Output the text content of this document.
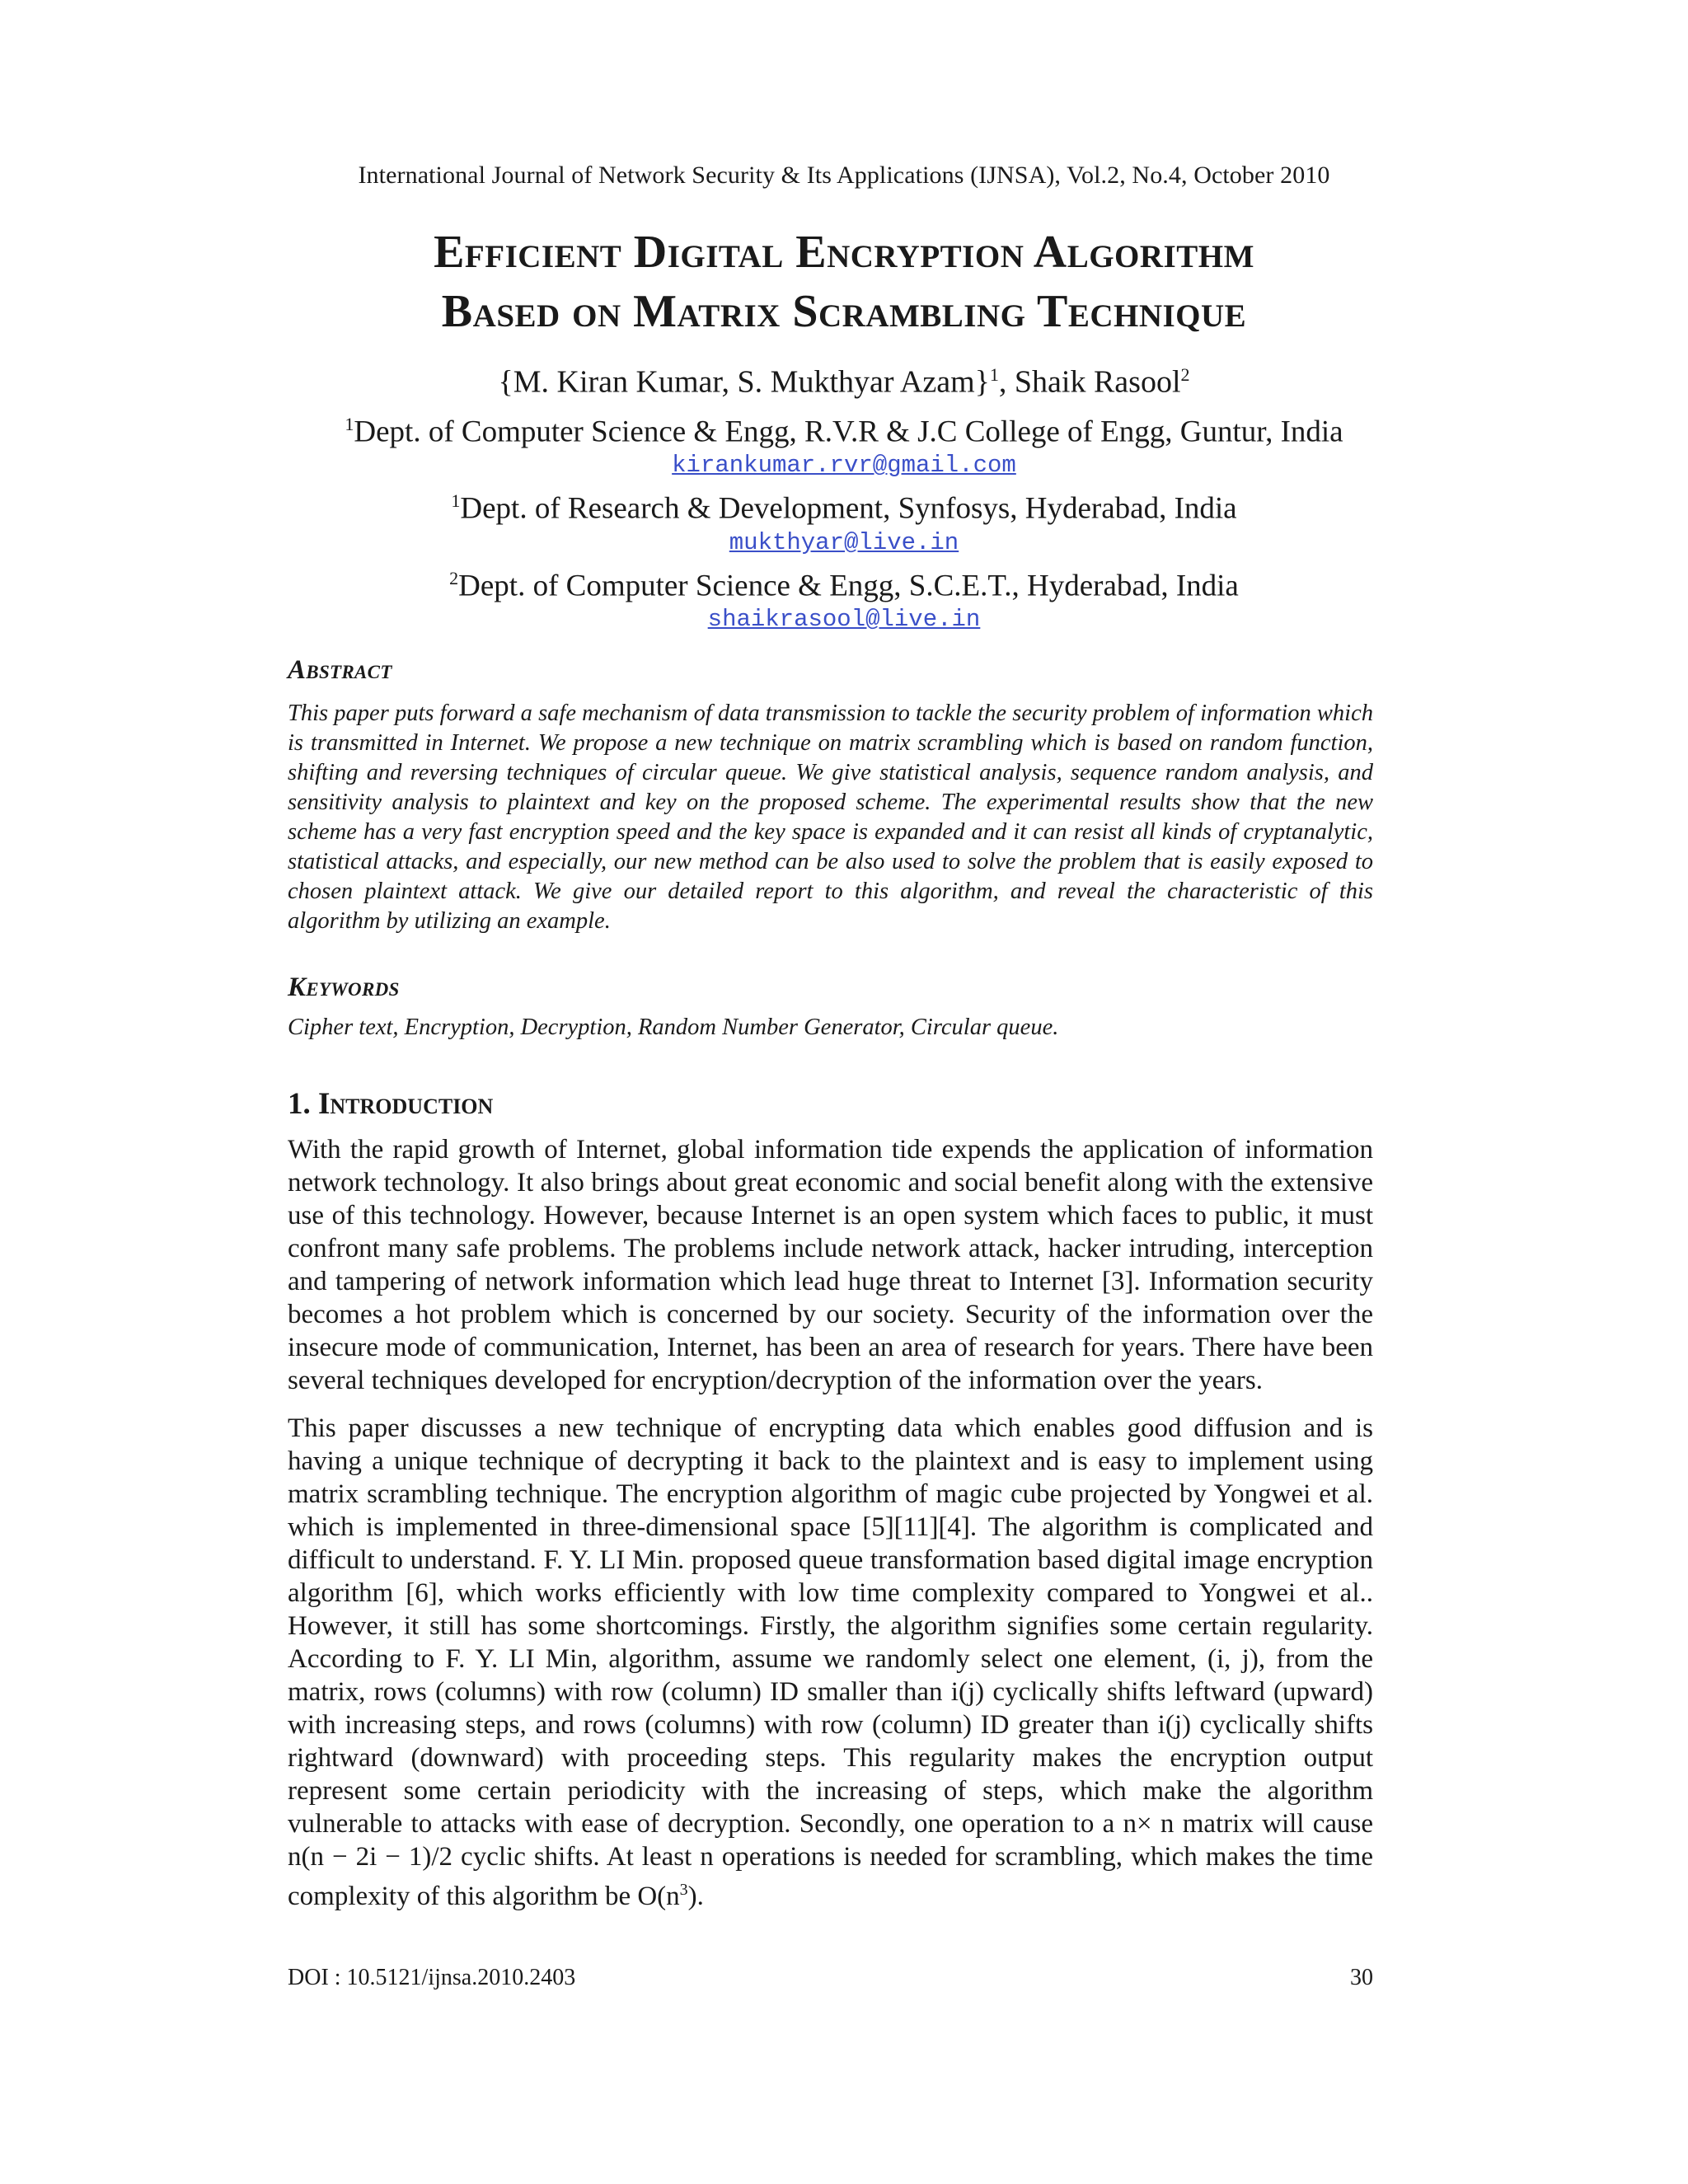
International Journal of Network Security & Its Applications (IJNSA), Vol.2, No.4, October 2010
Efficient Digital Encryption Algorithm
Based on Matrix Scrambling Technique
{M. Kiran Kumar, S. Mukthyar Azam}$^1$, Shaik Rasool$^2$
$^1$Dept. of Computer Science & Engg, R.V.R & J.C College of Engg, Guntur, India
kirankumar.rvr@gmail.com
$^1$Dept. of Research & Development, Synfosys, Hyderabad, India
mukthyar@live.in
$^2$Dept. of Computer Science & Engg, S.C.E.T., Hyderabad, India
shaikrasool@live.in
Abstract
This paper puts forward a safe mechanism of data transmission to tackle the security problem of information which is transmitted in Internet. We propose a new technique on matrix scrambling which is based on random function, shifting and reversing techniques of circular queue. We give statistical analysis, sequence random analysis, and sensitivity analysis to plaintext and key on the proposed scheme. The experimental results show that the new scheme has a very fast encryption speed and the key space is expanded and it can resist all kinds of cryptanalytic, statistical attacks, and especially, our new method can be also used to solve the problem that is easily exposed to chosen plaintext attack. We give our detailed report to this algorithm, and reveal the characteristic of this algorithm by utilizing an example.
Keywords
Cipher text, Encryption, Decryption, Random Number Generator, Circular queue.
1. Introduction

With the rapid growth of Internet, global information tide expends the application of information network technology. It also brings about great economic and social benefit along with the extensive use of this technology. However, because Internet is an open system which faces to public, it must confront many safe problems. The problems include network attack, hacker intruding, interception and tampering of network information which lead huge threat to Internet [3]. Information security becomes a hot problem which is concerned by our society. Security of the information over the insecure mode of communication, Internet, has been an area of research for years. There have been several techniques developed for encryption/decryption of the information over the years.

This paper discusses a new technique of encrypting data which enables good diffusion and is having a unique technique of decrypting it back to the plaintext and is easy to implement using matrix scrambling technique. The encryption algorithm of magic cube projected by Yongwei et al. which is implemented in three-dimensional space [5][11][4]. The algorithm is complicated and difficult to understand. F. Y. LI Min. proposed queue transformation based digital image encryption algorithm [6], which works efficiently with low time complexity compared to Yongwei et al.. However, it still has some shortcomings. Firstly, the algorithm signifies some certain regularity. According to F. Y. LI Min, algorithm, assume we randomly select one element, (i, j), from the matrix, rows (columns) with row (column) ID smaller than i(j) cyclically shifts leftward (upward) with increasing steps, and rows (columns) with row (column) ID greater than i(j) cyclically shifts rightward (downward) with proceeding steps. This regularity makes the encryption output represent some certain periodicity with the increasing of steps, which make the algorithm vulnerable to attacks with ease of decryption. Secondly, one operation to a n× n matrix will cause n(n − 2i − 1)/2 cyclic shifts. At least n operations is needed for scrambling, which makes the time complexity of this algorithm be $O(n^3)$.

DOI : 10.5121/ijnsa.2010.2403	30
